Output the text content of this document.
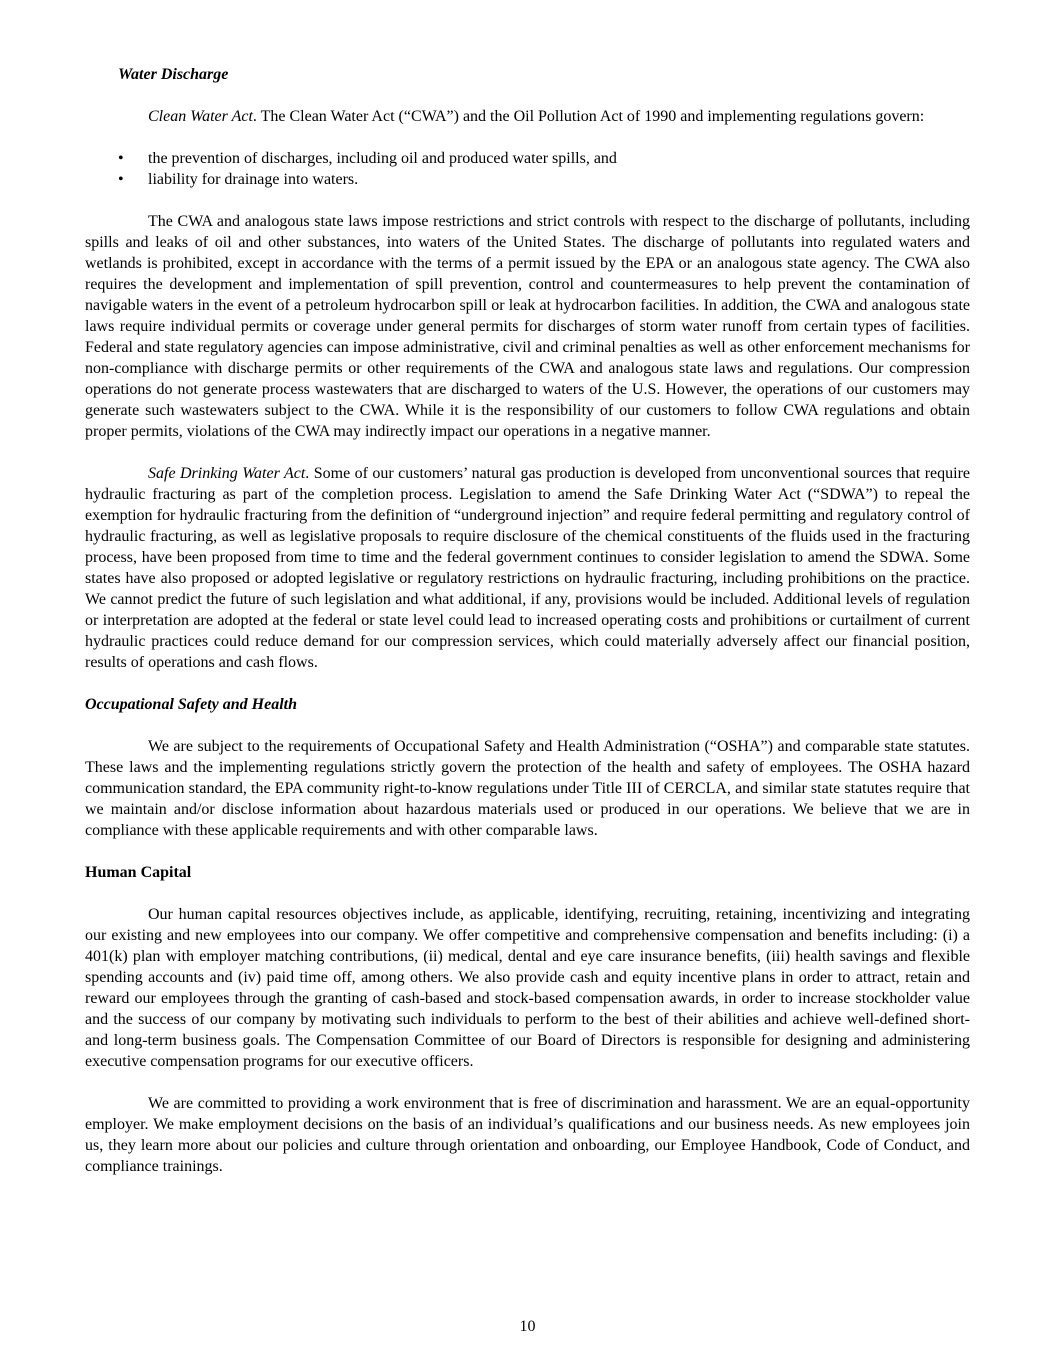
Water Discharge

Clean Water Act. The Clean Water Act (“CWA”) and the Oil Pollution Act of 1990 and implementing regulations govern:

• the prevention of discharges, including oil and produced water spills, and
• liability for drainage into waters.

The CWA and analogous state laws impose restrictions and strict controls with respect to the discharge of pollutants, including spills and leaks of oil and other substances, into waters of the United States. The discharge of pollutants into regulated waters and wetlands is prohibited, except in accordance with the terms of a permit issued by the EPA or an analogous state agency. The CWA also requires the development and implementation of spill prevention, control and countermeasures to help prevent the contamination of navigable waters in the event of a petroleum hydrocarbon spill or leak at hydrocarbon facilities. In addition, the CWA and analogous state laws require individual permits or coverage under general permits for discharges of storm water runoff from certain types of facilities. Federal and state regulatory agencies can impose administrative, civil and criminal penalties as well as other enforcement mechanisms for non-compliance with discharge permits or other requirements of the CWA and analogous state laws and regulations. Our compression operations do not generate process wastewaters that are discharged to waters of the U.S. However, the operations of our customers may generate such wastewaters subject to the CWA. While it is the responsibility of our customers to follow CWA regulations and obtain proper permits, violations of the CWA may indirectly impact our operations in a negative manner.

Safe Drinking Water Act. Some of our customers’ natural gas production is developed from unconventional sources that require hydraulic fracturing as part of the completion process. Legislation to amend the Safe Drinking Water Act (“SDWA”) to repeal the exemption for hydraulic fracturing from the definition of “underground injection” and require federal permitting and regulatory control of hydraulic fracturing, as well as legislative proposals to require disclosure of the chemical constituents of the fluids used in the fracturing process, have been proposed from time to time and the federal government continues to consider legislation to amend the SDWA. Some states have also proposed or adopted legislative or regulatory restrictions on hydraulic fracturing, including prohibitions on the practice. We cannot predict the future of such legislation and what additional, if any, provisions would be included. Additional levels of regulation or interpretation are adopted at the federal or state level could lead to increased operating costs and prohibitions or curtailment of current hydraulic practices could reduce demand for our compression services, which could materially adversely affect our financial position, results of operations and cash flows.

Occupational Safety and Health

We are subject to the requirements of Occupational Safety and Health Administration (“OSHA”) and comparable state statutes. These laws and the implementing regulations strictly govern the protection of the health and safety of employees. The OSHA hazard communication standard, the EPA community right-to-know regulations under Title III of CERCLA, and similar state statutes require that we maintain and/or disclose information about hazardous materials used or produced in our operations. We believe that we are in compliance with these applicable requirements and with other comparable laws.

Human Capital

Our human capital resources objectives include, as applicable, identifying, recruiting, retaining, incentivizing and integrating our existing and new employees into our company. We offer competitive and comprehensive compensation and benefits including: (i) a 401(k) plan with employer matching contributions, (ii) medical, dental and eye care insurance benefits, (iii) health savings and flexible spending accounts and (iv) paid time off, among others. We also provide cash and equity incentive plans in order to attract, retain and reward our employees through the granting of cash-based and stock-based compensation awards, in order to increase stockholder value and the success of our company by motivating such individuals to perform to the best of their abilities and achieve well-defined short- and long-term business goals. The Compensation Committee of our Board of Directors is responsible for designing and administering executive compensation programs for our executive officers.

We are committed to providing a work environment that is free of discrimination and harassment. We are an equal-opportunity employer. We make employment decisions on the basis of an individual’s qualifications and our business needs. As new employees join us, they learn more about our policies and culture through orientation and onboarding, our Employee Handbook, Code of Conduct, and compliance trainings.

10
